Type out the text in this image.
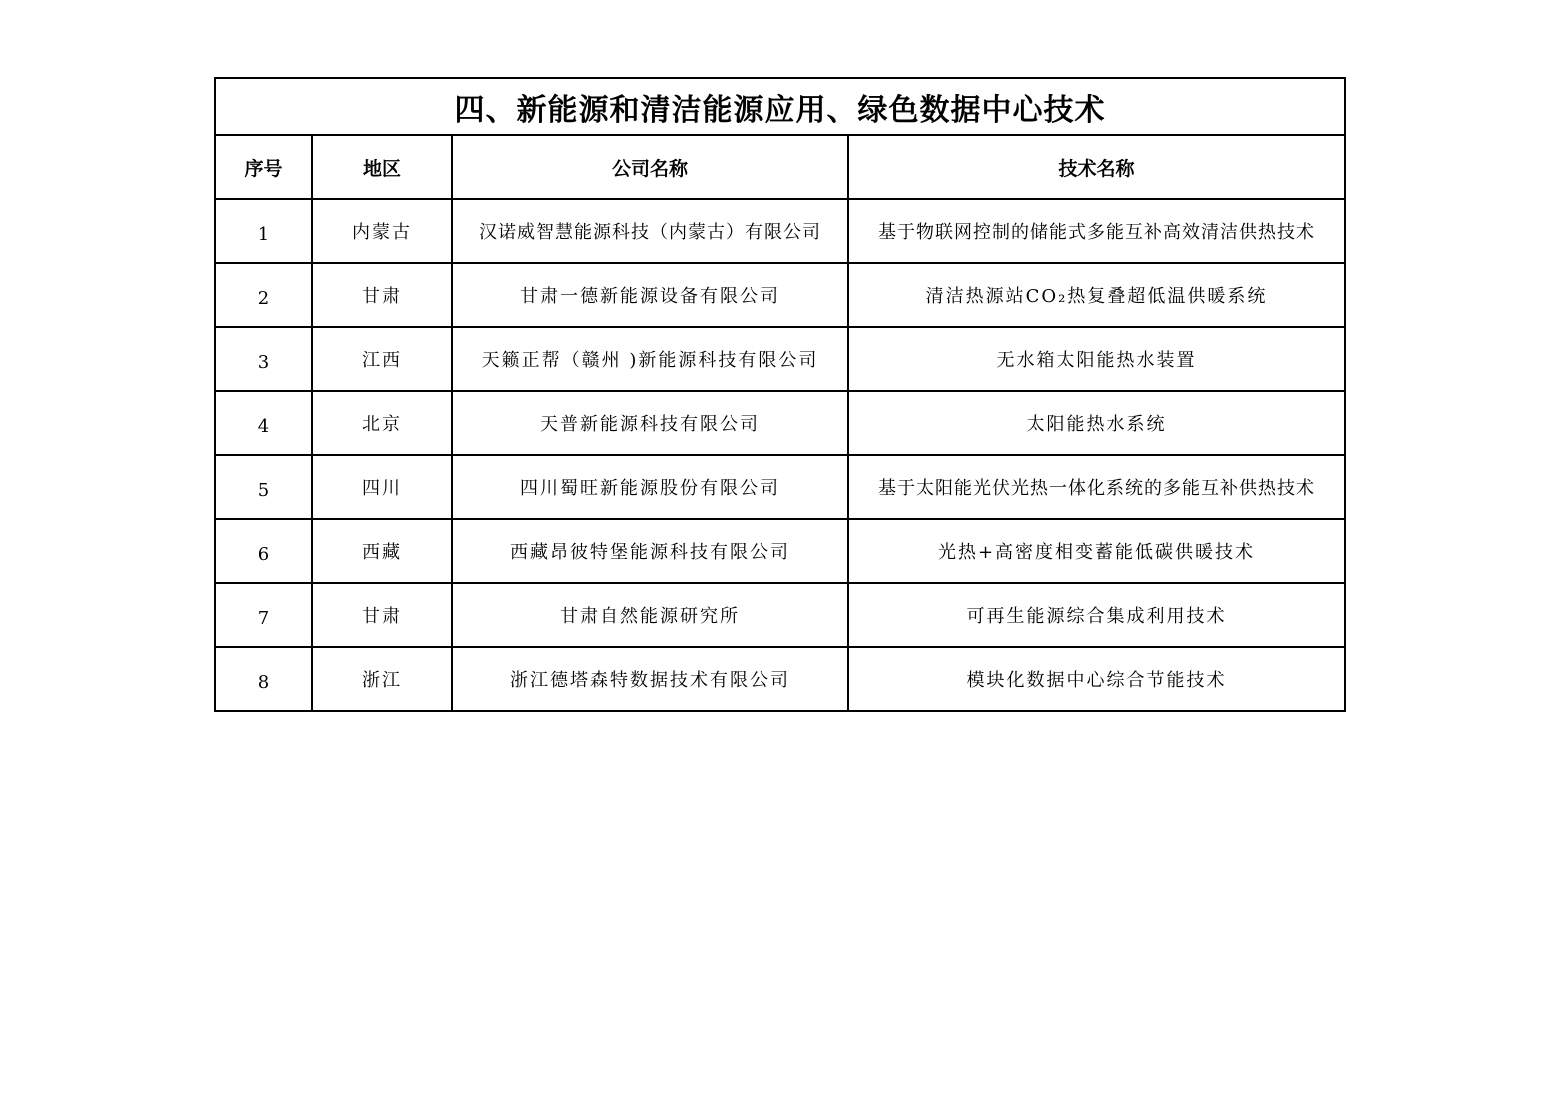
四、新能源和清洁能源应用、绿色数据中心技术			
序号	地区	公司名称	技术名称
1	内蒙古	汉诺威智慧能源科技（内蒙古）有限公司	基于物联网控制的储能式多能互补高效清洁供热技术
2	甘肃	甘肃一德新能源设备有限公司	清洁热源站CO₂热复叠超低温供暖系统
3	江西	天籁正帮（赣州 )新能源科技有限公司	无水箱太阳能热水装置
4	北京	天普新能源科技有限公司	太阳能热水系统
5	四川	四川蜀旺新能源股份有限公司	基于太阳能光伏光热一体化系统的多能互补供热技术
6	西藏	西藏昂彼特堡能源科技有限公司	光热+高密度相变蓄能低碳供暖技术
7	甘肃	甘肃自然能源研究所	可再生能源综合集成利用技术
8	浙江	浙江德塔森特数据技术有限公司	模块化数据中心综合节能技术
